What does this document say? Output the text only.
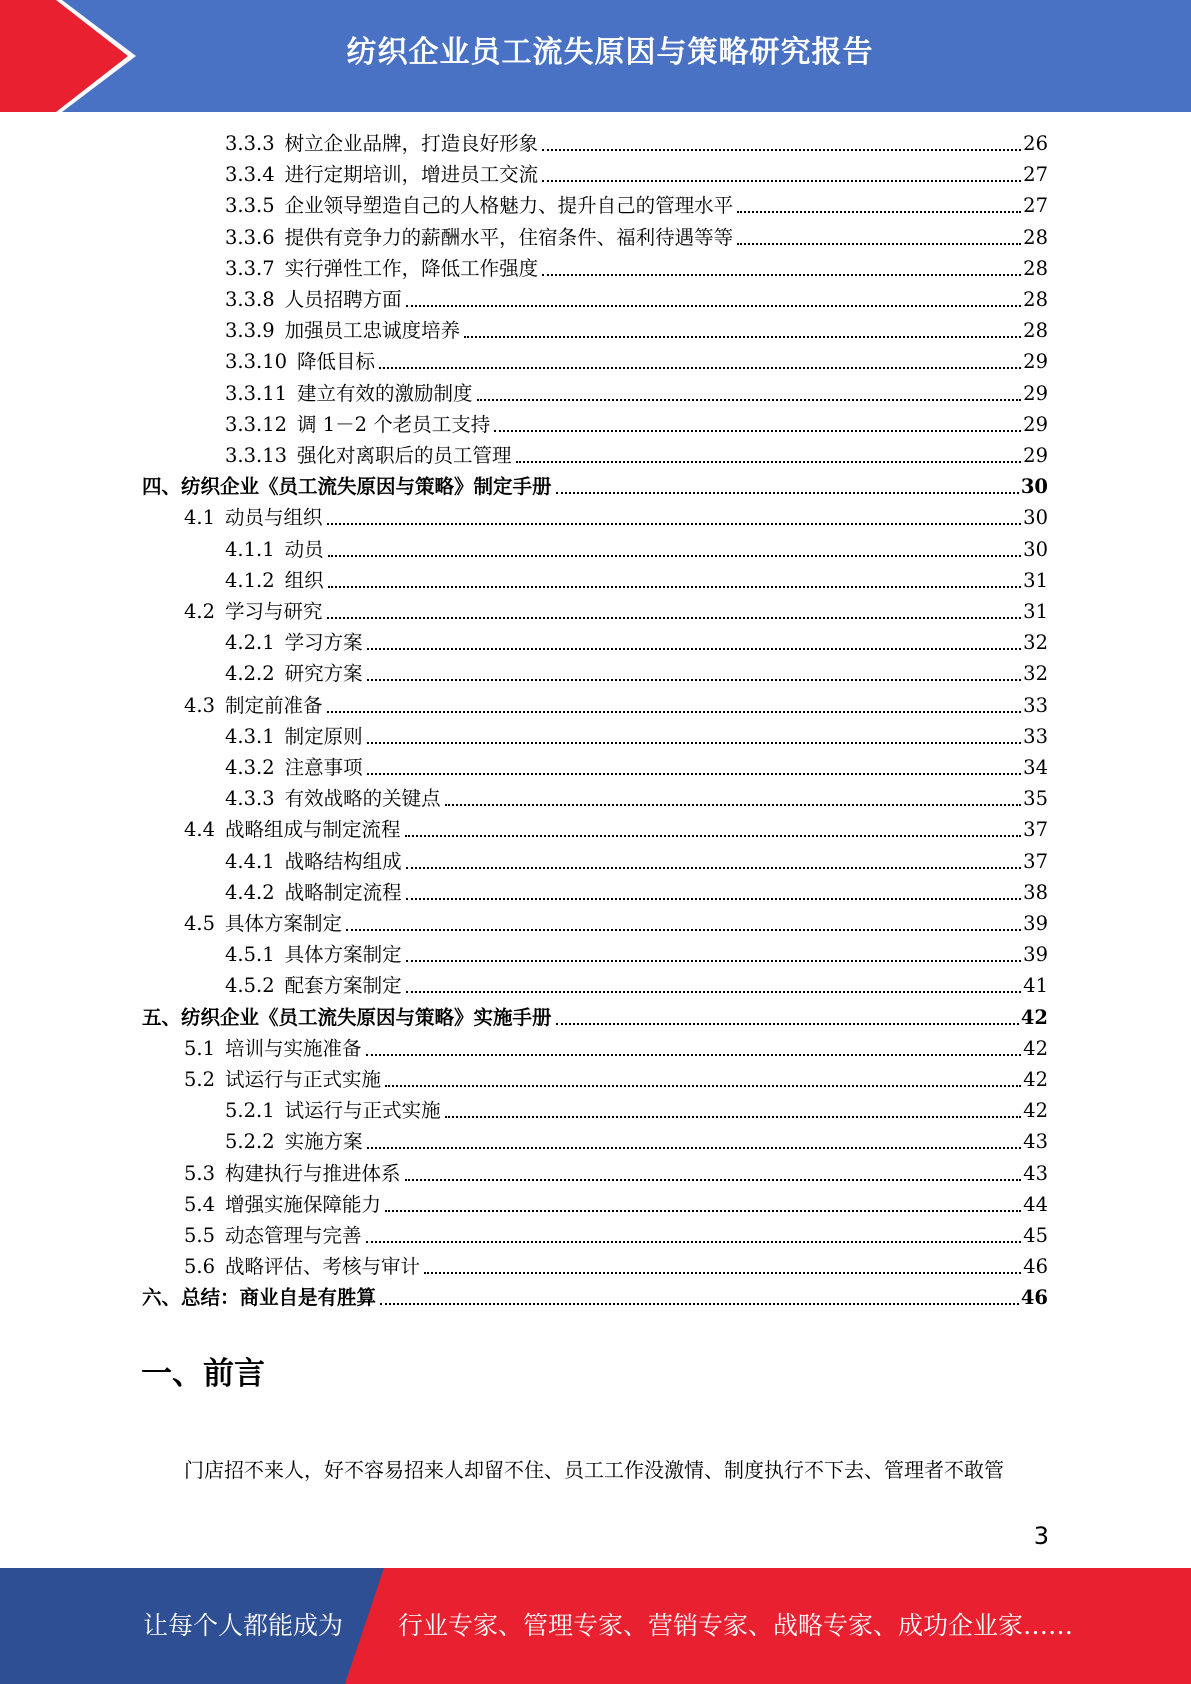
纺织企业员工流失原因与策略研究报告
3.3.3 树立企业品牌，打造良好形象	26
3.3.4 进行定期培训，增进员工交流	27
3.3.5 企业领导塑造自己的人格魅力、提升自己的管理水平	27
3.3.6 提供有竞争力的薪酬水平，住宿条件、福利待遇等等	28
3.3.7 实行弹性工作，降低工作强度	28
3.3.8 人员招聘方面	28
3.3.9 加强员工忠诚度培养	28
3.3.10 降低目标	29
3.3.11 建立有效的激励制度	29
3.3.12 调 1－2 个老员工支持	29
3.3.13 强化对离职后的员工管理	29
四、纺织企业《员工流失原因与策略》制定手册	30
4.1 动员与组织	30
4.1.1 动员	30
4.1.2 组织	31
4.2 学习与研究	31
4.2.1 学习方案	32
4.2.2 研究方案	32
4.3 制定前准备	33
4.3.1 制定原则	33
4.3.2 注意事项	34
4.3.3 有效战略的关键点	35
4.4 战略组成与制定流程	37
4.4.1 战略结构组成	37
4.4.2 战略制定流程	38
4.5 具体方案制定	39
4.5.1 具体方案制定	39
4.5.2 配套方案制定	41
五、纺织企业《员工流失原因与策略》实施手册	42
5.1 培训与实施准备	42
5.2 试运行与正式实施	42
5.2.1 试运行与正式实施	42
5.2.2 实施方案	43
5.3 构建执行与推进体系	43
5.4 增强实施保障能力	44
5.5 动态管理与完善	45
5.6 战略评估、考核与审计	46
六、总结：商业自是有胜算	46
一、前言
门店招不来人，好不容易招来人却留不住、员工工作没激情、制度执行不下去、管理者不敢管
3
让每个人都能成为 行业专家、管理专家、营销专家、战略专家、成功企业家……
